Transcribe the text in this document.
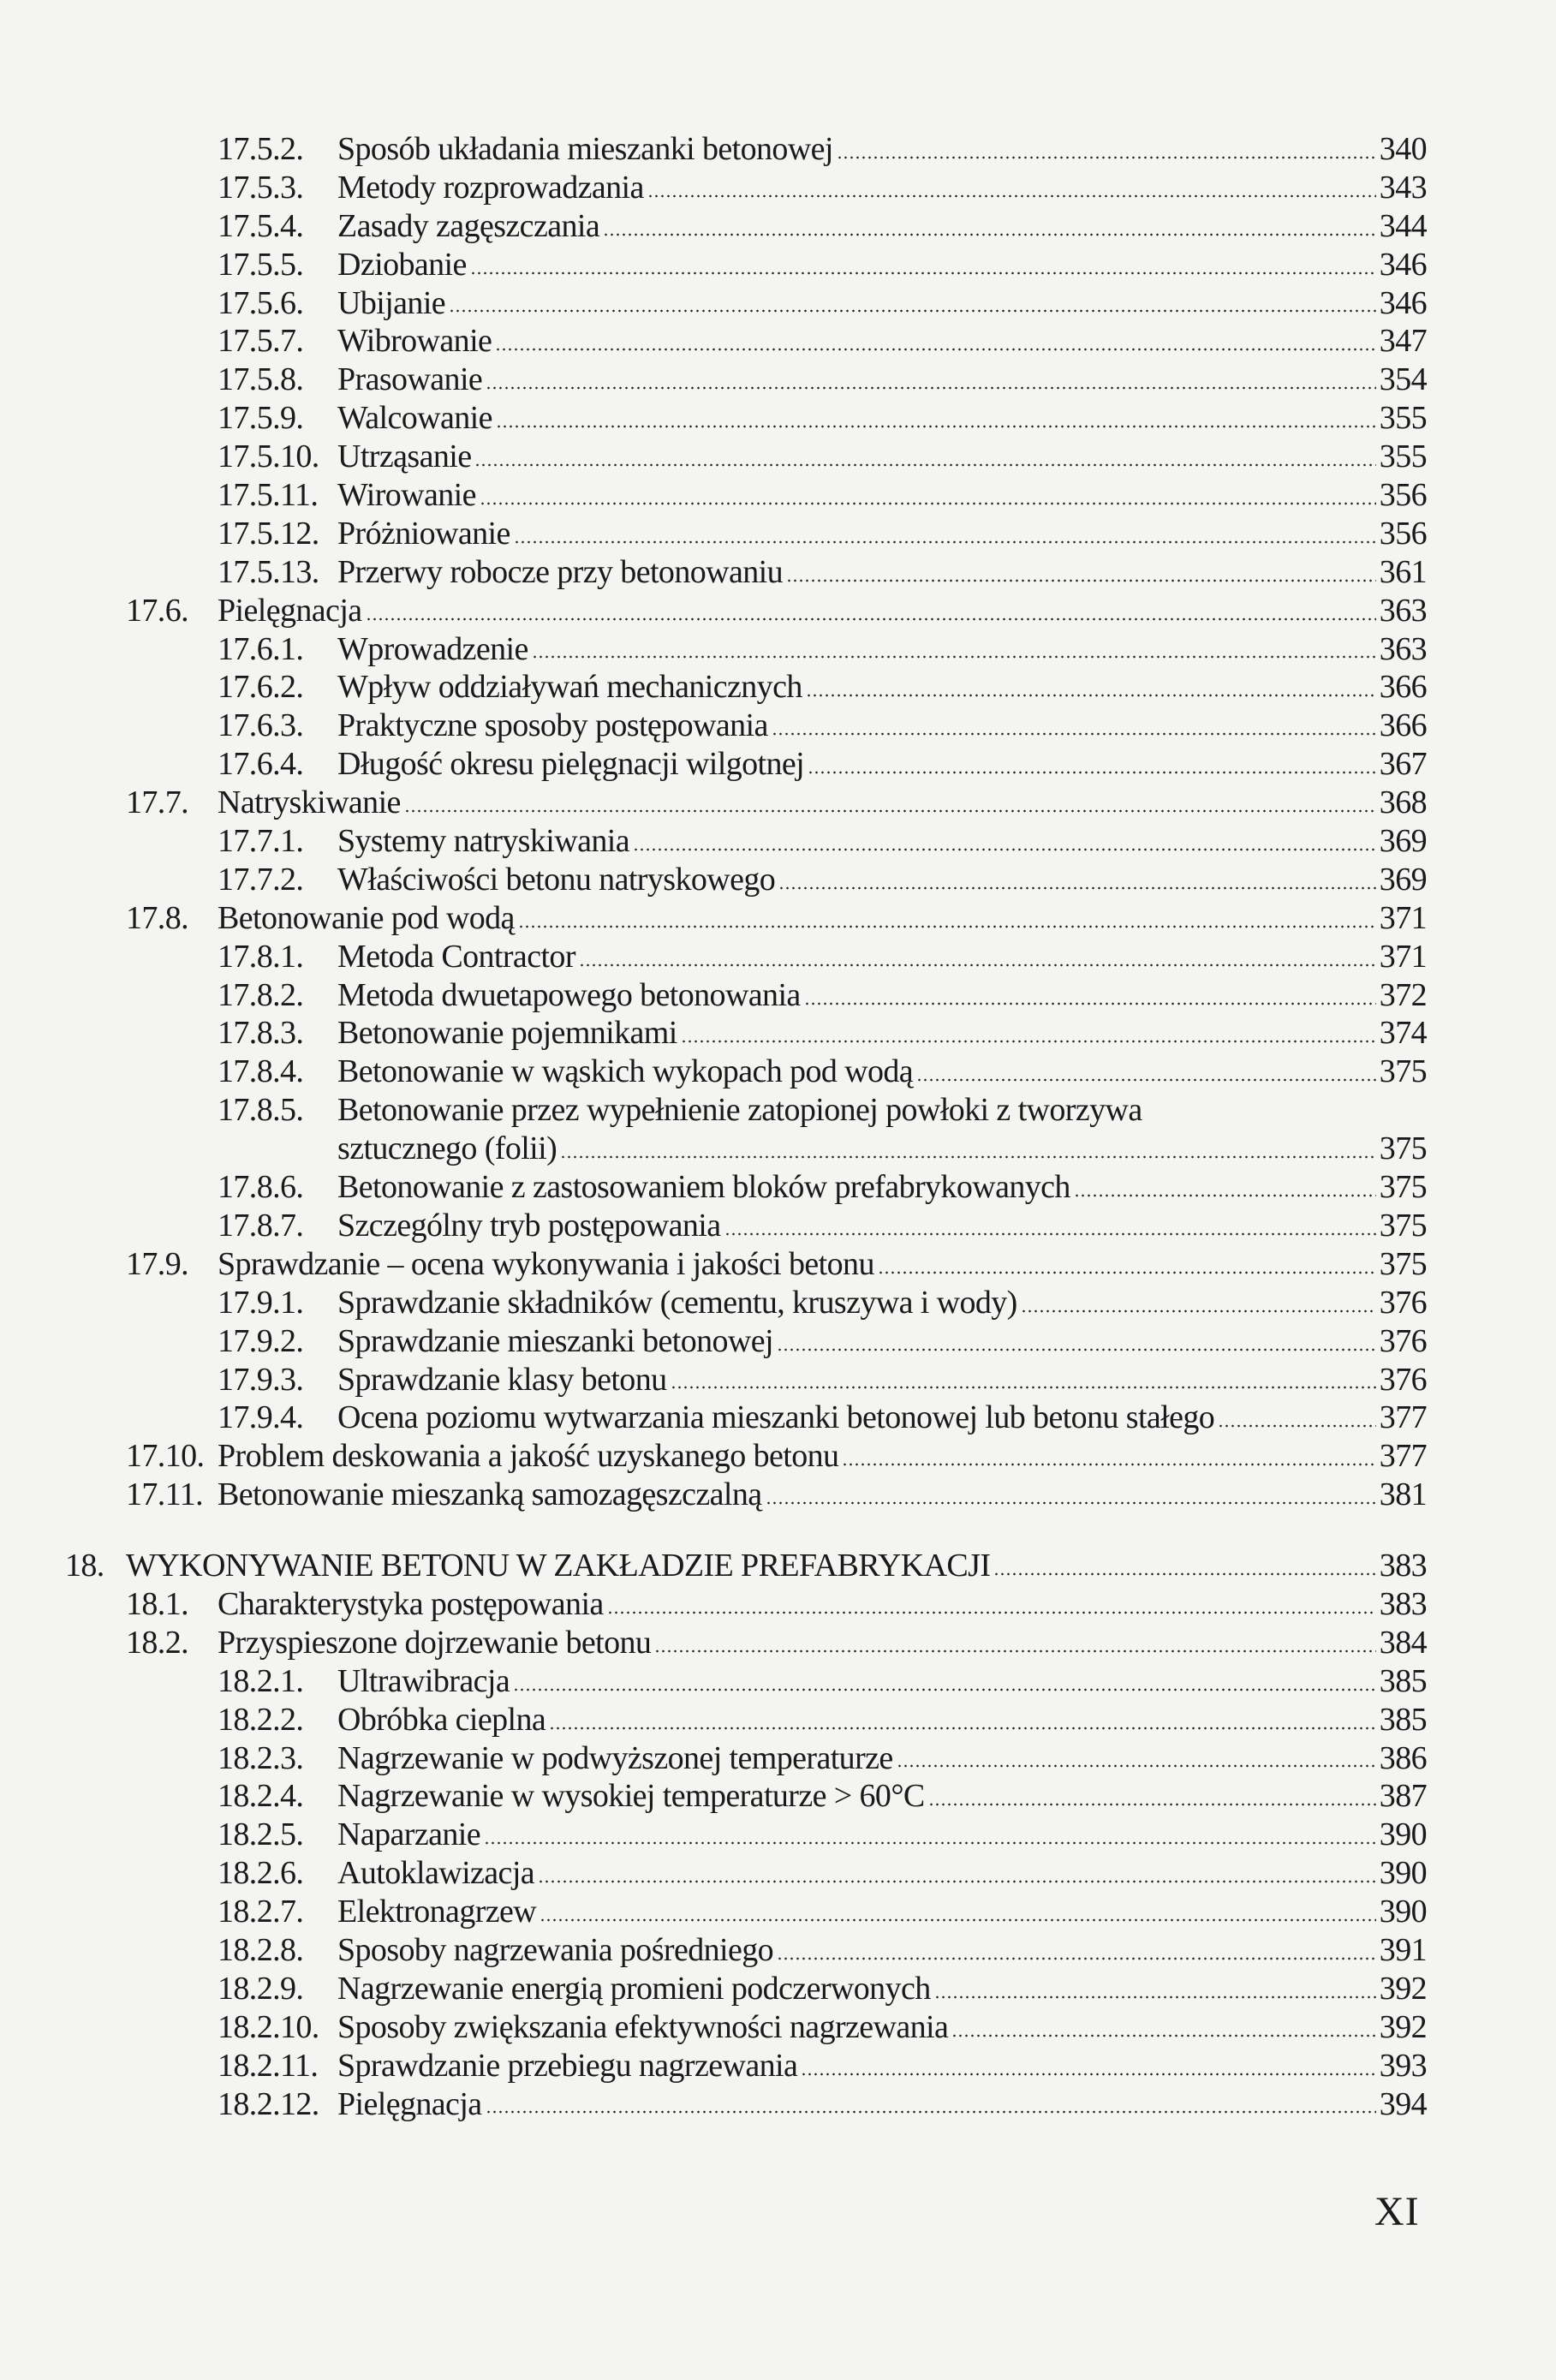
17.5.2. Sposób układania mieszanki betonowej	340
17.5.3. Metody rozprowadzania	343
17.5.4. Zasady zagęszczania	344
17.5.5. Dziobanie	346
17.5.6. Ubijanie	346
17.5.7. Wibrowanie	347
17.5.8. Prasowanie	354
17.5.9. Walcowanie	355
17.5.10. Utrząsanie	355
17.5.11. Wirowanie	356
17.5.12. Próżniowanie	356
17.5.13. Przerwy robocze przy betonowaniu	361
17.6. Pielęgnacja	363
17.6.1. Wprowadzenie	363
17.6.2. Wpływ oddziaływań mechanicznych	366
17.6.3. Praktyczne sposoby postępowania	366
17.6.4. Długość okresu pielęgnacji wilgotnej	367
17.7. Natryskiwanie	368
17.7.1. Systemy natryskiwania	369
17.7.2. Właściwości betonu natryskowego	369
17.8. Betonowanie pod wodą	371
17.8.1. Metoda Contractor	371
17.8.2. Metoda dwuetapowego betonowania	372
17.8.3. Betonowanie pojemnikami	374
17.8.4. Betonowanie w wąskich wykopach pod wodą	375
17.8.5. Betonowanie przez wypełnienie zatopionej powłoki z tworzywa
sztucznego (folii)	375
17.8.6. Betonowanie z zastosowaniem bloków prefabrykowanych	375
17.8.7. Szczególny tryb postępowania	375
17.9. Sprawdzanie – ocena wykonywania i jakości betonu	375
17.9.1. Sprawdzanie składników (cementu, kruszywa i wody)	376
17.9.2. Sprawdzanie mieszanki betonowej	376
17.9.3. Sprawdzanie klasy betonu	376
17.9.4. Ocena poziomu wytwarzania mieszanki betonowej lub betonu stałego	377
17.10. Problem deskowania a jakość uzyskanego betonu	377
17.11. Betonowanie mieszanką samozagęszczalną	381
18. WYKONYWANIE BETONU W ZAKŁADZIE PREFABRYKACJI	383
18.1. Charakterystyka postępowania	383
18.2. Przyspieszone dojrzewanie betonu	384
18.2.1. Ultrawibracja	385
18.2.2. Obróbka cieplna	385
18.2.3. Nagrzewanie w podwyższonej temperaturze	386
18.2.4. Nagrzewanie w wysokiej temperaturze > 60°C	387
18.2.5. Naparzanie	390
18.2.6. Autoklawizacja	390
18.2.7. Elektronagrzew	390
18.2.8. Sposoby nagrzewania pośredniego	391
18.2.9. Nagrzewanie energią promieni podczerwonych	392
18.2.10. Sposoby zwiększania efektywności nagrzewania	392
18.2.11. Sprawdzanie przebiegu nagrzewania	393
18.2.12. Pielęgnacja	394
XI
